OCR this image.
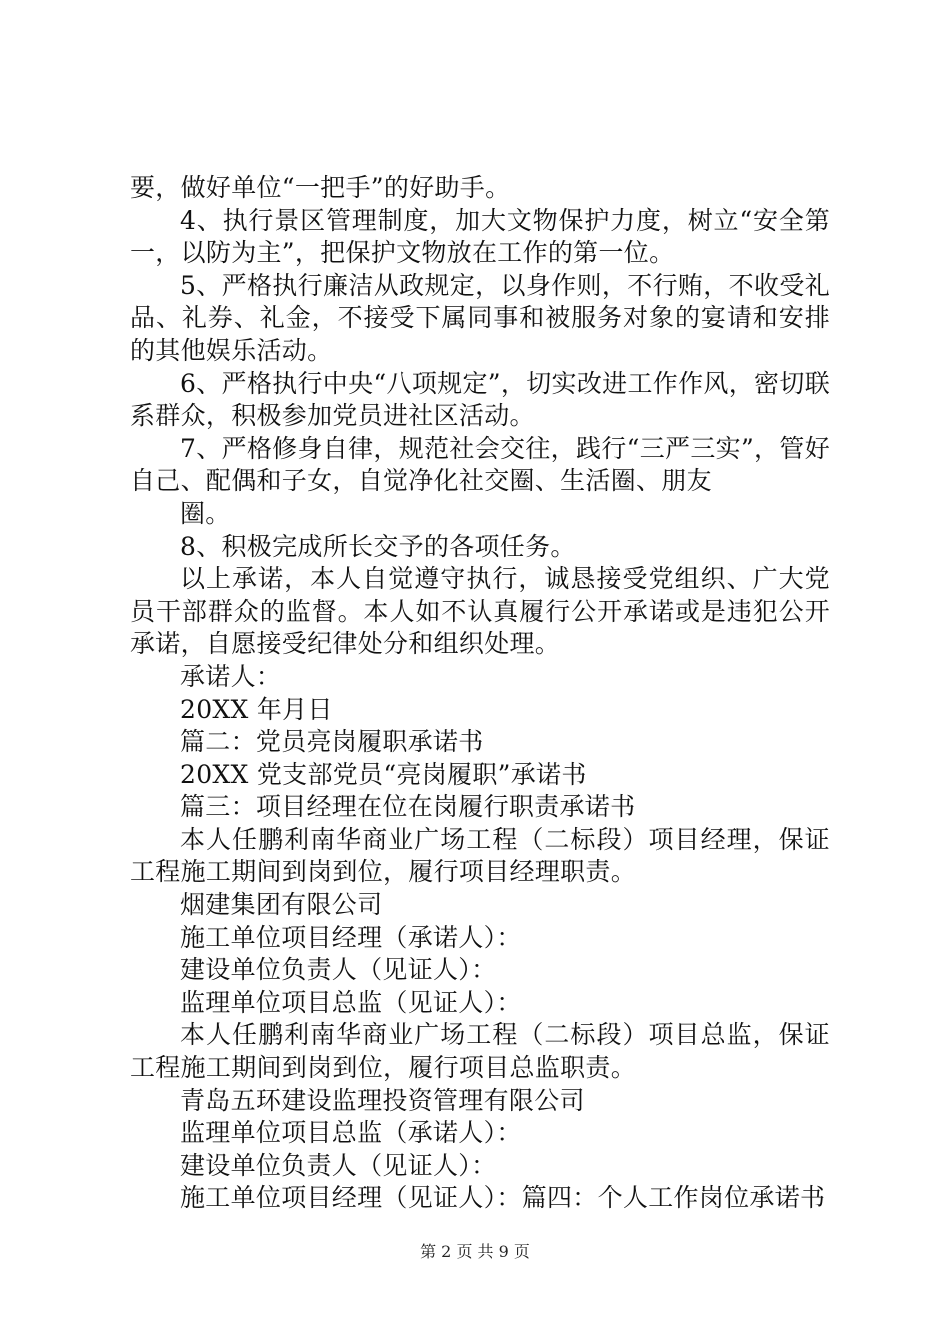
要，做好单位“一把手”的好助手。

4、执行景区管理制度，加大文物保护力度，树立“安全第一，以防为主”，把保护文物放在工作的第一位。

5、严格执行廉洁从政规定，以身作则，不行贿，不收受礼品、礼券、礼金，不接受下属同事和被服务对象的宴请和安排的其他娱乐活动。

6、严格执行中央“八项规定”，切实改进工作作风，密切联系群众，积极参加党员进社区活动。

7、严格修身自律，规范社会交往，践行“三严三实”，管好自己、配偶和子女，自觉净化社交圈、生活圈、朋友

圈。

8、积极完成所长交予的各项任务。

以上承诺，本人自觉遵守执行，诚恳接受党组织、广大党员干部群众的监督。本人如不认真履行公开承诺或是违犯公开承诺，自愿接受纪律处分和组织处理。

承诺人：

20XX 年月日

篇二：党员亮岗履职承诺书

20XX 党支部党员“亮岗履职”承诺书

篇三：项目经理在位在岗履行职责承诺书

本人任鹏利南华商业广场工程（二标段）项目经理，保证工程施工期间到岗到位，履行项目经理职责。

烟建集团有限公司

施工单位项目经理（承诺人）：

建设单位负责人（见证人）：

监理单位项目总监（见证人）：

本人任鹏利南华商业广场工程（二标段）项目总监，保证工程施工期间到岗到位，履行项目总监职责。

青岛五环建设监理投资管理有限公司

监理单位项目总监（承诺人）：

建设单位负责人（见证人）：

施工单位项目经理（见证人）：篇四：个人工作岗位承诺书

第 2 页 共 9 页
